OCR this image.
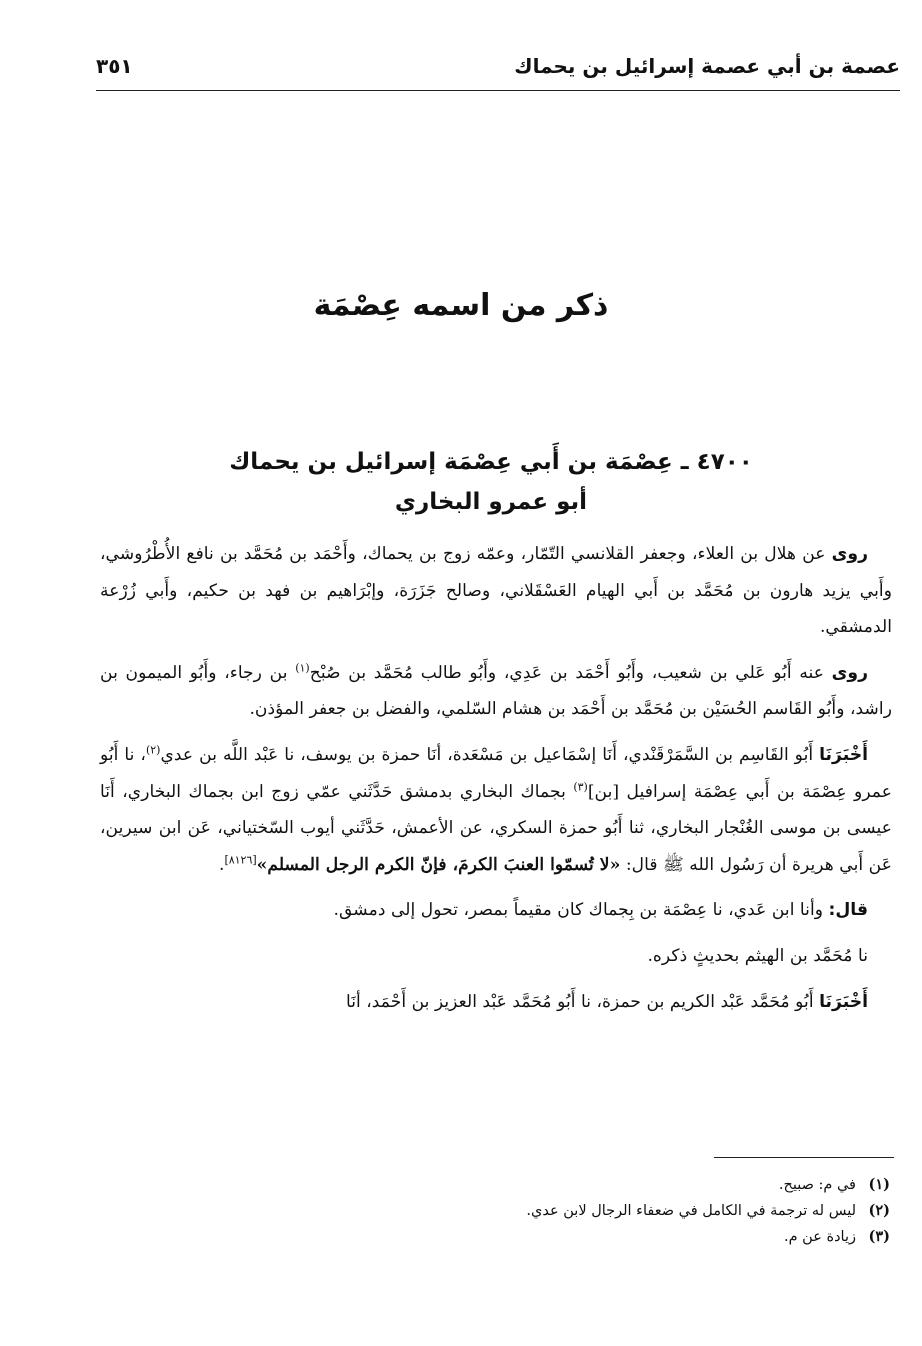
عصمة بن أبي عصمة إسرائيل بن يحماك
٣٥١
ذكر من اسمه عِصْمَة
٤٧٠٠ ـ عِصْمَة بن أَبي عِصْمَة إسرائيل بن يحماك
أبو عمرو البخاري

روى عن هلال بن العلاء، وجعفر القلانسي التّمّار، وعمّه زوج بن يحماك، وأَحْمَد بن مُحَمَّد بن نافع الأُطْرُوشي، وأَبي يزيد هارون بن مُحَمَّد بن أَبي الهيام العَسْقَلاني، وصالح جَزَرَة، وإبْرَاهيم بن فهد بن حكيم، وأَبي زُرْعة الدمشقي.

روى عنه أَبُو عَلي بن شعيب، وأَبُو أَحْمَد بن عَدِي، وأَبُو طالب مُحَمَّد بن صُبْح$^{(١)}$ بن رجاء، وأَبُو الميمون بن راشد، وأَبُو القَاسم الحُسَيْن بن مُحَمَّد بن أَحْمَد بن هشام السّلمي، والفضل بن جعفر المؤذن.

أَخْبَرَنَا أَبُو القَاسِم بن السَّمَرْقَنْدي، أَنَا إسْمَاعيل بن مَسْعَدة، أنَا حمزة بن يوسف، نا عَبْد اللَّه بن عدي$^{(٢)}$، نا أَبُو عمرو عِصْمَة بن أَبي عِصْمَة إسرافيل [بن]$^{(٣)}$ بجماك البخاري بدمشق حَدَّثَني عمّي زوج ابن بجماك البخاري، أَنَا عيسى بن موسى الغُنْجار البخاري، ثنا أَبُو حمزة السكري، عن الأعمش، حَدَّثَني أيوب السّختياني، عَن ابن سيرين، عَن أَبي هريرة أن رَسُول الله ﷺ قال: «لا تُسمّوا العنبَ الكرمَ، فإنّ الكرم الرجل المسلم»[٨١٢٦].

قال: وأنا ابن عَدي، نا عِصْمَة بن بِجماك كان مقيماً بمصر، تحول إلى دمشق.

نا مُحَمَّد بن الهيثم بحديثٍ ذكره.

أَخْبَرَنَا أَبُو مُحَمَّد عَبْد الكريم بن حمزة، نا أَبُو مُحَمَّد عَبْد العزيز بن أَحْمَد، أنَا

(١)في م: صبيح.
(٢)ليس له ترجمة في الكامل في ضعفاء الرجال لابن عدي.
(٣)زيادة عن م.
